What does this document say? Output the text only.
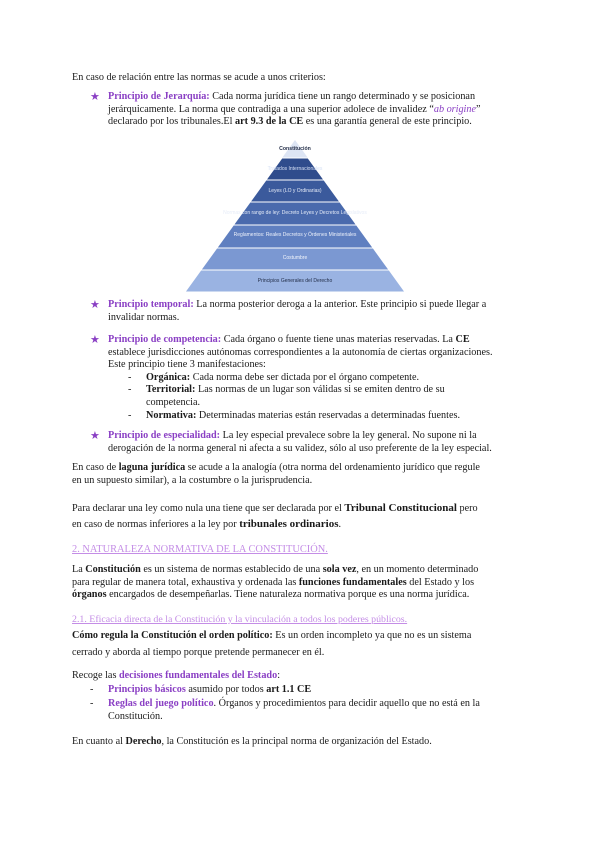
En caso de relación entre las normas se acude a unos criterios:

★ Principio de Jerarquía: Cada norma jurídica tiene un rango determinado y se posicionan

jerárquicamente. La norma que contradiga a una superior adolece de invalidez “ab origine”

declarado por los tribunales.El art 9.3 de la CE es una garantía general de este principio.

Constitución
Tratados Internacionales
Leyes (LO y Ordinarias)
Normas con rango de ley: Decreto Leyes y Decretos Legislativos
Reglamentos: Reales Decretos y Órdenes Ministeriales
Costumbre
Principios Generales del Derecho
★ Principio temporal: La norma posterior deroga a la anterior. Este principio si puede llegar a

invalidar normas.

★ Principio de competencia: Cada órgano o fuente tiene unas materias reservadas. La CE

establece jurisdicciones autónomas correspondientes a la autonomía de ciertas organizaciones.

Este principio tiene 3 manifestaciones:

- Orgánica: Cada norma debe ser dictada por el órgano competente.

- Territorial: Las normas de un lugar son válidas si se emiten dentro de su

competencia.

- Normativa: Determinadas materias están reservadas a determinadas fuentes.

★ Principio de especialidad: La ley especial prevalece sobre la ley general. No supone ni la

derogación de la norma general ni afecta a su validez, sólo al uso preferente de la ley especial.

En caso de laguna jurídica se acude a la analogía (otra norma del ordenamiento jurídico que regule

en un supuesto similar), a la costumbre o la jurisprudencia.

Para declarar una ley como nula una tiene que ser declarada por el Tribunal Constitucional pero

en caso de normas inferiores a la ley por tribunales ordinarios.

2. NATURALEZA NORMATIVA DE LA CONSTITUCIÓN.

La Constitución es un sistema de normas establecido de una sola vez, en un momento determinado

para regular de manera total, exhaustiva y ordenada las funciones fundamentales del Estado y los

órganos encargados de desempeñarlas. Tiene naturaleza normativa porque es una norma jurídica.

2.1. Eficacia directa de la Constitución y la vinculación a todos los poderes públicos.

Cómo regula la Constitución el orden político: Es un orden incompleto ya que no es un sistema

cerrado y aborda al tiempo porque pretende permanecer en él.

Recoge las decisiones fundamentales del Estado:

- Principios básicos asumido por todos art 1.1 CE

- Reglas del juego político. Órganos y procedimientos para decidir aquello que no está en la

Constitución.

En cuanto al Derecho, la Constitución es la principal norma de organización del Estado.
